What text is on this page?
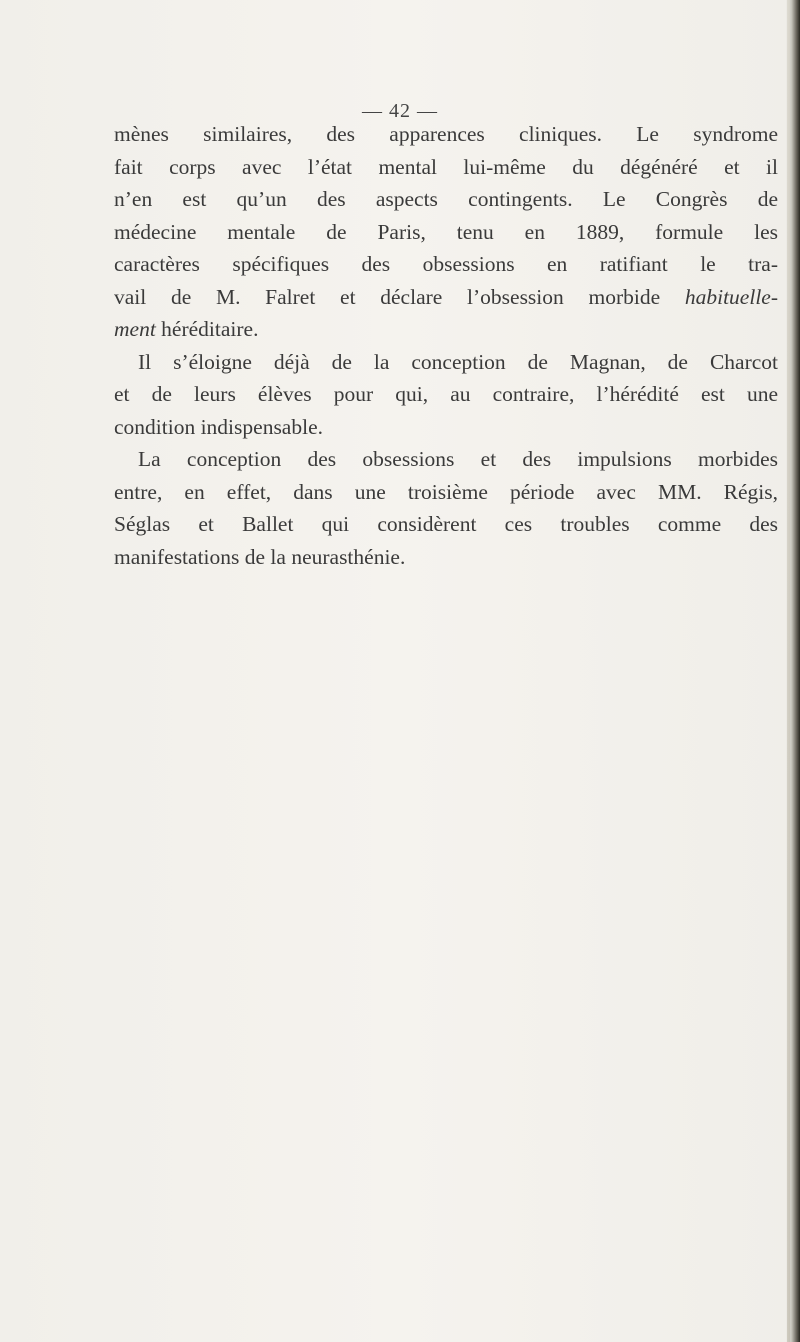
— 42 —
mènes similaires, des apparences cliniques. Le syndrome
fait corps avec l’état mental lui-même du dégénéré et il
n’en est qu’un des aspects contingents. Le Congrès de
médecine mentale de Paris, tenu en 1889, formule les
caractères spécifiques des obsessions en ratifiant le tra-
vail de M. Falret et déclare l’obsession morbide habituelle-
ment héréditaire.
Il s’éloigne déjà de la conception de Magnan, de Charcot
et de leurs élèves pour qui, au contraire, l’hérédité est une
condition indispensable.
La conception des obsessions et des impulsions morbides
entre, en effet, dans une troisième période avec MM. Régis,
Séglas et Ballet qui considèrent ces troubles comme des
manifestations de la neurasthénie.
